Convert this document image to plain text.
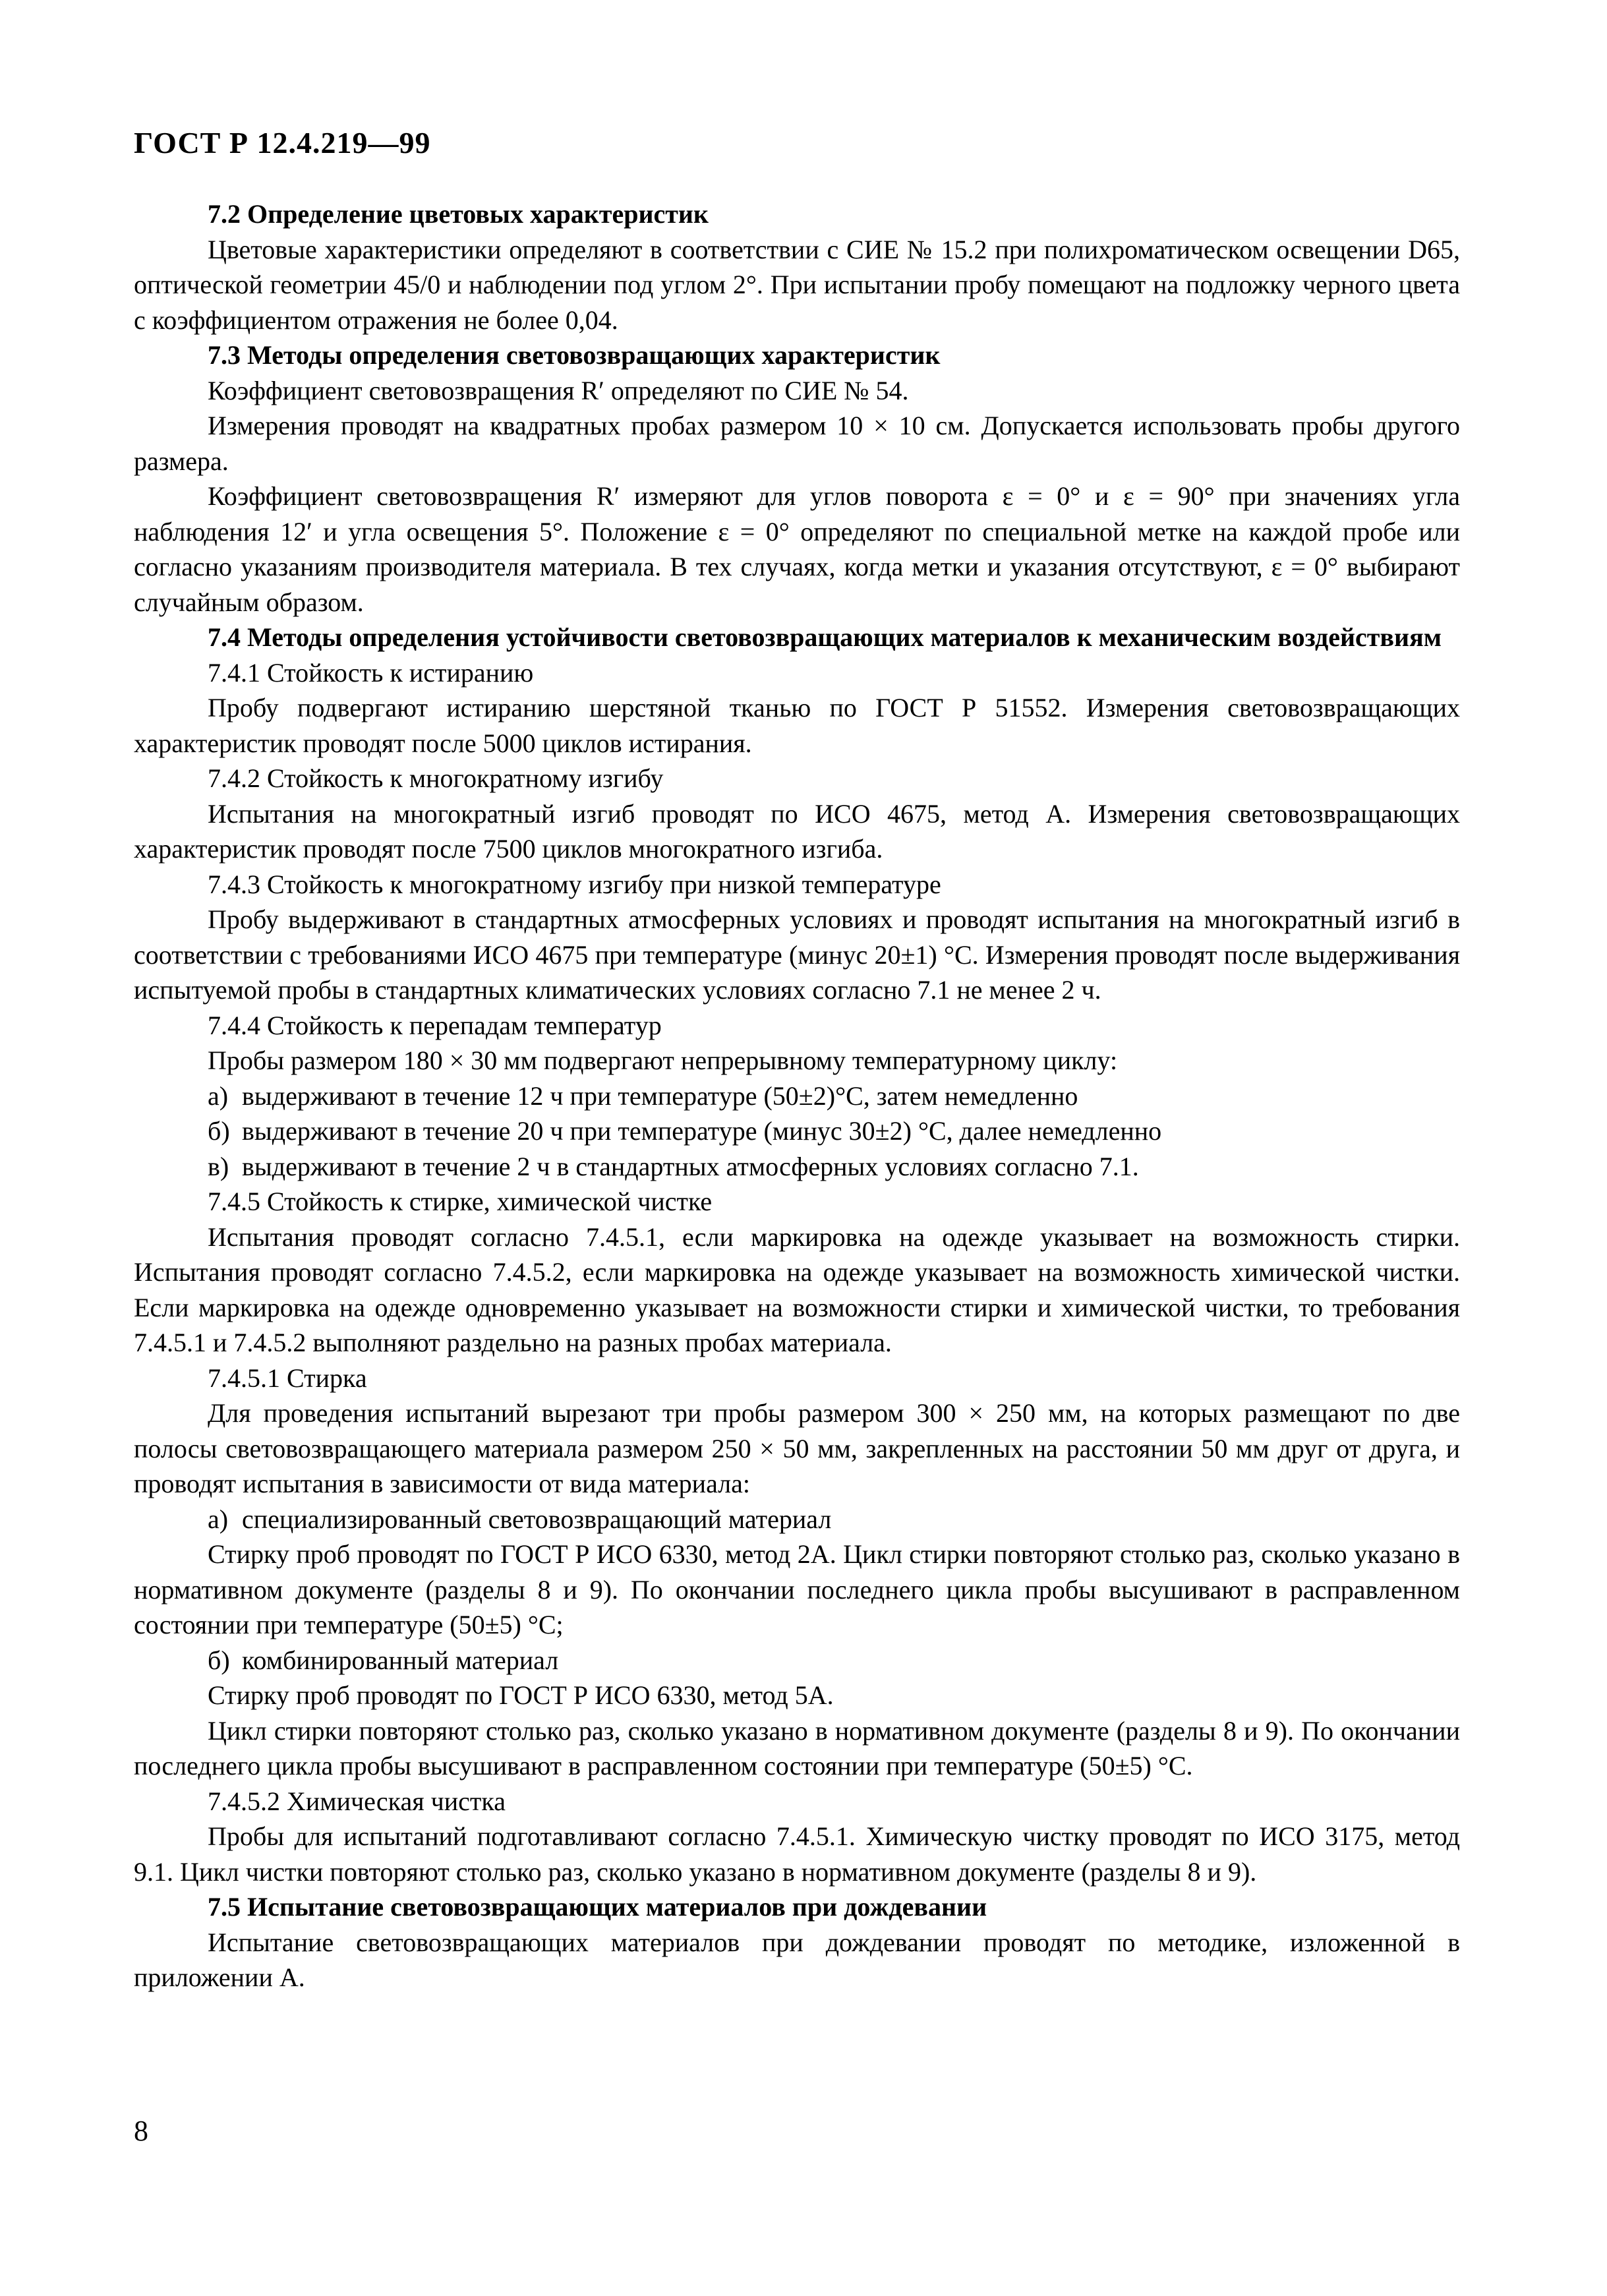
ГОСТ Р 12.4.219—99

7.2 Определение цветовых характеристик

Цветовые характеристики определяют в соответствии с СИЕ № 15.2 при полихроматическом освещении D65, оптической геометрии 45/0 и наблюдении под углом 2°. При испытании пробу помещают на подложку черного цвета с коэффициентом отражения не более 0,04.

7.3 Методы определения световозвращающих характеристик

Коэффициент световозвращения R′ определяют по СИЕ № 54.

Измерения проводят на квадратных пробах размером 10 × 10 см. Допускается использовать пробы другого размера.

Коэффициент световозвращения R′ измеряют для углов поворота ε = 0° и ε = 90° при значениях угла наблюдения 12′ и угла освещения 5°. Положение ε = 0° определяют по специальной метке на каждой пробе или согласно указаниям производителя материала. В тех случаях, когда метки и указания отсутствуют, ε = 0° выбирают случайным образом.

7.4 Методы определения устойчивости световозвращающих материалов к механическим воздействиям

7.4.1 Стойкость к истиранию

Пробу подвергают истиранию шерстяной тканью по ГОСТ Р 51552. Измерения световозвращающих характеристик проводят после 5000 циклов истирания.

7.4.2 Стойкость к многократному изгибу

Испытания на многократный изгиб проводят по ИСО 4675, метод А. Измерения световозвращающих характеристик проводят после 7500 циклов многократного изгиба.

7.4.3 Стойкость к многократному изгибу при низкой температуре

Пробу выдерживают в стандартных атмосферных условиях и проводят испытания на многократный изгиб в соответствии с требованиями ИСО 4675 при температуре (минус 20±1) °С. Измерения проводят после выдерживания испытуемой пробы в стандартных климатических условиях согласно 7.1 не менее 2 ч.

7.4.4 Стойкость к перепадам температур

Пробы размером 180 × 30 мм подвергают непрерывному температурному циклу:

а) выдерживают в течение 12 ч при температуре (50±2)°С, затем немедленно

б) выдерживают в течение 20 ч при температуре (минус 30±2) °С, далее немедленно

в) выдерживают в течение 2 ч в стандартных атмосферных условиях согласно 7.1.

7.4.5 Стойкость к стирке, химической чистке

Испытания проводят согласно 7.4.5.1, если маркировка на одежде указывает на возможность стирки. Испытания проводят согласно 7.4.5.2, если маркировка на одежде указывает на возможность химической чистки. Если маркировка на одежде одновременно указывает на возможности стирки и химической чистки, то требования 7.4.5.1 и 7.4.5.2 выполняют раздельно на разных пробах материала.

7.4.5.1 Стирка

Для проведения испытаний вырезают три пробы размером 300 × 250 мм, на которых размещают по две полосы световозвращающего материала размером 250 × 50 мм, закрепленных на расстоянии 50 мм друг от друга, и проводят испытания в зависимости от вида материала:

а) специализированный световозвращающий материал

Стирку проб проводят по ГОСТ Р ИСО 6330, метод 2А. Цикл стирки повторяют столько раз, сколько указано в нормативном документе (разделы 8 и 9). По окончании последнего цикла пробы высушивают в расправленном состоянии при температуре (50±5) °С;

б) комбинированный материал

Стирку проб проводят по ГОСТ Р ИСО 6330, метод 5А.

Цикл стирки повторяют столько раз, сколько указано в нормативном документе (разделы 8 и 9). По окончании последнего цикла пробы высушивают в расправленном состоянии при температуре (50±5) °С.

7.4.5.2 Химическая чистка

Пробы для испытаний подготавливают согласно 7.4.5.1. Химическую чистку проводят по ИСО 3175, метод 9.1. Цикл чистки повторяют столько раз, сколько указано в нормативном документе (разделы 8 и 9).

7.5 Испытание световозвращающих материалов при дождевании

Испытание световозвращающих материалов при дождевании проводят по методике, изложенной в приложении А.

8
